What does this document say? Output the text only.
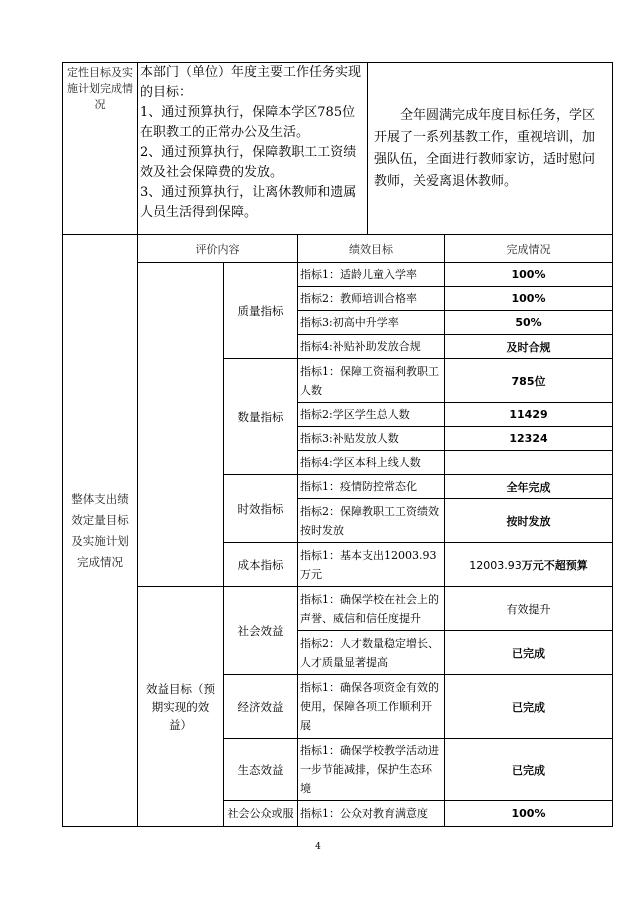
定性目标及实施计划完成情况	
本部门（单位）年度主要工作任务实现的目标：
1、通过预算执行，保障本学区785位在职教工的正常办公及生活。
2、通过预算执行，保障教职工工资绩效及社会保障费的发放。
3、通过预算执行，让离休教师和遗属人员生活得到保障。
	全年圆满完成年度目标任务，学区开展了一系列基教工作，重视培训，加强队伍，全面进行教师家访，适时慰问教师，关爱离退休教师。
整体支出绩效定量目标及实施计划完成情况	评价内容		绩效目标	完成情况
		质量指标	指标1：适龄儿童入学率	100%
			指标2：教师培训合格率	100%
			指标3:初高中升学率	50%
			指标4:补贴补助发放合规	及时合规
		数量指标	指标1：保障工资福利教职工人数	785位
			指标2:学区学生总人数	11429
			指标3:补贴发放人数	12324
			指标4:学区本科上线人数	
		时效指标	指标1：疫情防控常态化	全年完成
			指标2：保障教职工工资绩效按时发放	按时发放
		成本指标	指标1：基本支出12003.93万元	12003.93万元不超预算
	效益目标（预期实现的效益）	社会效益	指标1：确保学校在社会上的声誉、威信和信任度提升	有效提升
			指标2：人才数量稳定增长、人才质量显著提高	已完成
		经济效益	指标1：确保各项资金有效的使用，保障各项工作顺利开展	已完成
		生态效益	指标1：确保学校教学活动进一步节能减排，保护生态环境	已完成
		社会公众或服	指标1：公众对教育满意度	100%
4
